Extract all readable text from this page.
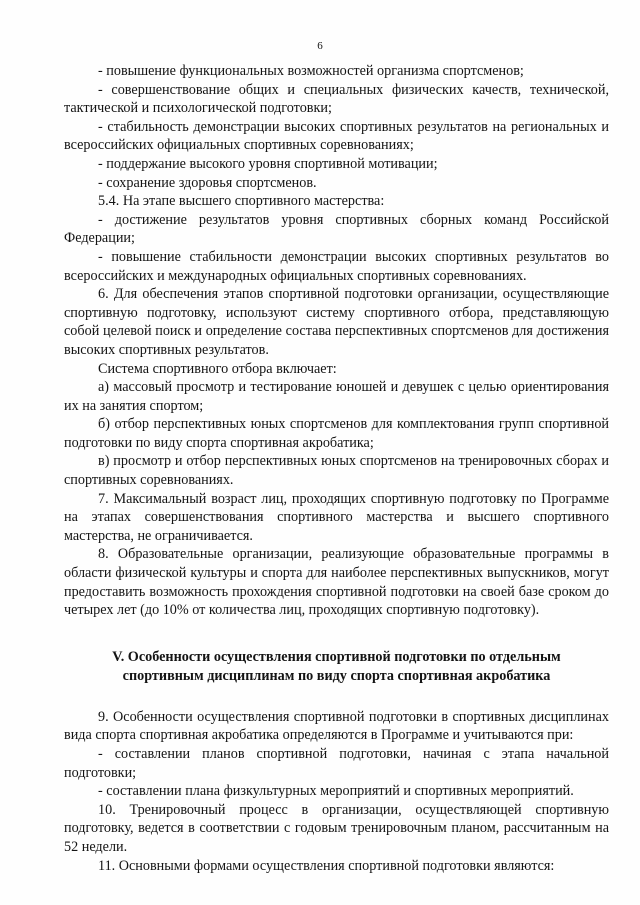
6

- повышение функциональных возможностей организма спортсменов;

- совершенствование общих и специальных физических качеств, технической, тактической и психологической подготовки;

- стабильность демонстрации высоких спортивных результатов на региональных и всероссийских официальных спортивных соревнованиях;

- поддержание высокого уровня спортивной мотивации;

- сохранение здоровья спортсменов.

5.4. На этапе высшего спортивного мастерства:

- достижение результатов уровня спортивных сборных команд Российской Федерации;

- повышение стабильности демонстрации высоких спортивных результатов во всероссийских и международных официальных спортивных соревнованиях.

6. Для обеспечения этапов спортивной подготовки организации, осуществляющие спортивную подготовку, используют систему спортивного отбора, представляющую собой целевой поиск и определение состава перспективных спортсменов для достижения высоких спортивных результатов.

Система спортивного отбора включает:

а) массовый просмотр и тестирование юношей и девушек с целью ориентирования их на занятия спортом;

б) отбор перспективных юных спортсменов для комплектования групп спортивной подготовки по виду спорта спортивная акробатика;

в) просмотр и отбор перспективных юных спортсменов на тренировочных сборах и спортивных соревнованиях.

7. Максимальный возраст лиц, проходящих спортивную подготовку по Программе на этапах совершенствования спортивного мастерства и высшего спортивного мастерства, не ограничивается.

8. Образовательные организации, реализующие образовательные программы в области физической культуры и спорта для наиболее перспективных выпускников, могут предоставить возможность прохождения спортивной подготовки на своей базе сроком до четырех лет (до 10% от количества лиц, проходящих спортивную подготовку).

V. Особенности осуществления спортивной подготовки по отдельным
спортивным дисциплинам по виду спорта спортивная акробатика

9. Особенности осуществления спортивной подготовки в спортивных дисциплинах вида спорта спортивная акробатика определяются в Программе и учитываются при:

- составлении планов спортивной подготовки, начиная с этапа начальной подготовки;

- составлении плана физкультурных мероприятий и спортивных мероприятий.

10. Тренировочный процесс в организации, осуществляющей спортивную подготовку, ведется в соответствии с годовым тренировочным планом, рассчитанным на 52 недели.

11. Основными формами осуществления спортивной подготовки являются:
